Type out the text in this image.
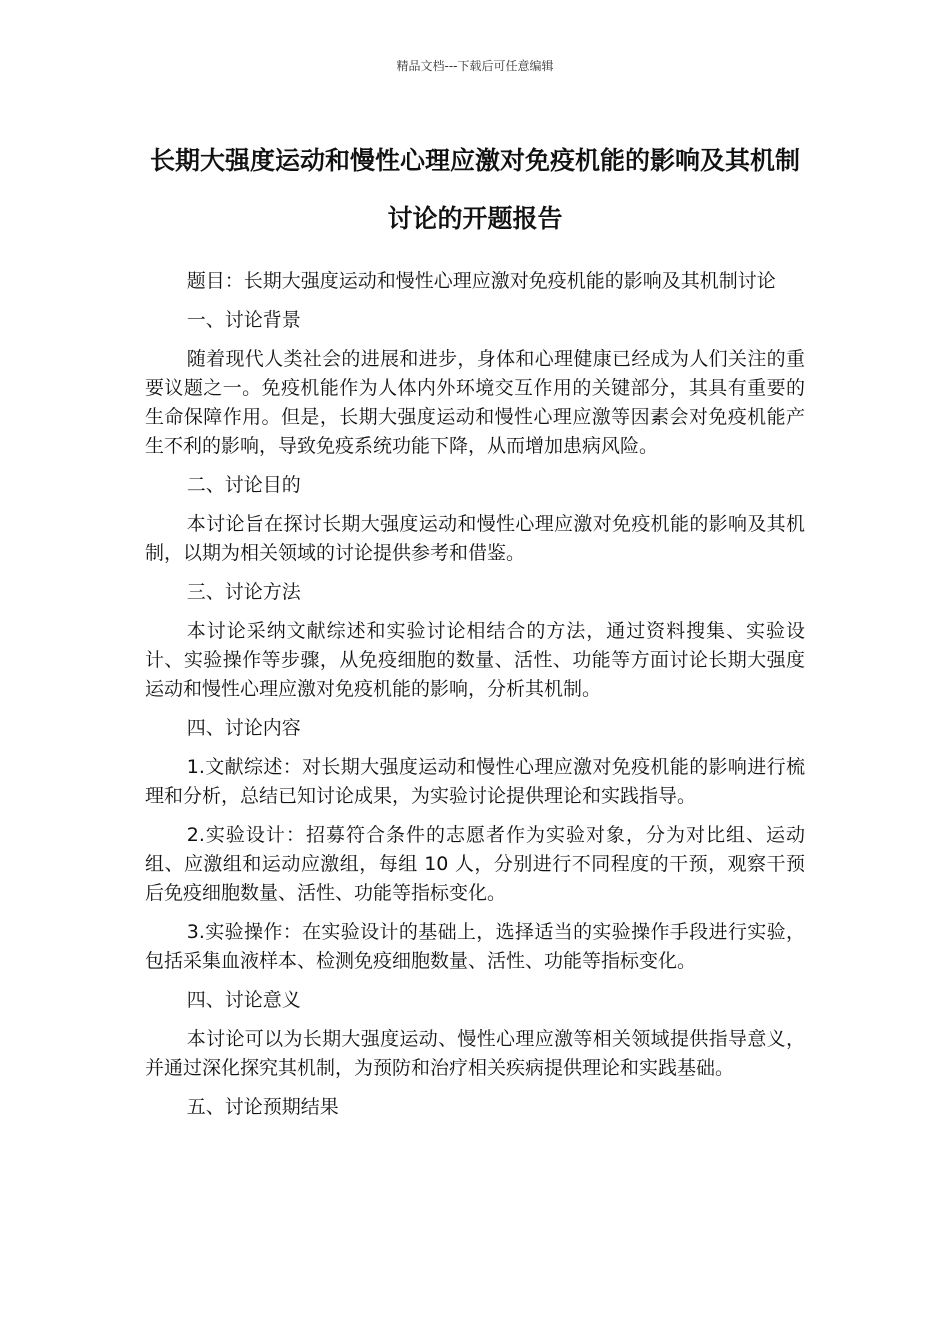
精品文档---下载后可任意编辑
长期大强度运动和慢性心理应激对免疫机能的影响及其机制讨论的开题报告

题目：长期大强度运动和慢性心理应激对免疫机能的影响及其机制讨论

一、讨论背景

随着现代人类社会的进展和进步，身体和心理健康已经成为人们关注的重要议题之一。免疫机能作为人体内外环境交互作用的关键部分，其具有重要的生命保障作用。但是，长期大强度运动和慢性心理应激等因素会对免疫机能产生不利的影响，导致免疫系统功能下降，从而增加患病风险。

二、讨论目的

本讨论旨在探讨长期大强度运动和慢性心理应激对免疫机能的影响及其机制，以期为相关领域的讨论提供参考和借鉴。

三、讨论方法

本讨论采纳文献综述和实验讨论相结合的方法，通过资料搜集、实验设计、实验操作等步骤，从免疫细胞的数量、活性、功能等方面讨论长期大强度运动和慢性心理应激对免疫机能的影响，分析其机制。

四、讨论内容

1.文献综述：对长期大强度运动和慢性心理应激对免疫机能的影响进行梳理和分析，总结已知讨论成果，为实验讨论提供理论和实践指导。

2.实验设计：招募符合条件的志愿者作为实验对象，分为对比组、运动组、应激组和运动应激组，每组 10 人，分别进行不同程度的干预，观察干预后免疫细胞数量、活性、功能等指标变化。

3.实验操作：在实验设计的基础上，选择适当的实验操作手段进行实验，包括采集血液样本、检测免疫细胞数量、活性、功能等指标变化。

四、讨论意义

本讨论可以为长期大强度运动、慢性心理应激等相关领域提供指导意义，并通过深化探究其机制，为预防和治疗相关疾病提供理论和实践基础。

五、讨论预期结果
